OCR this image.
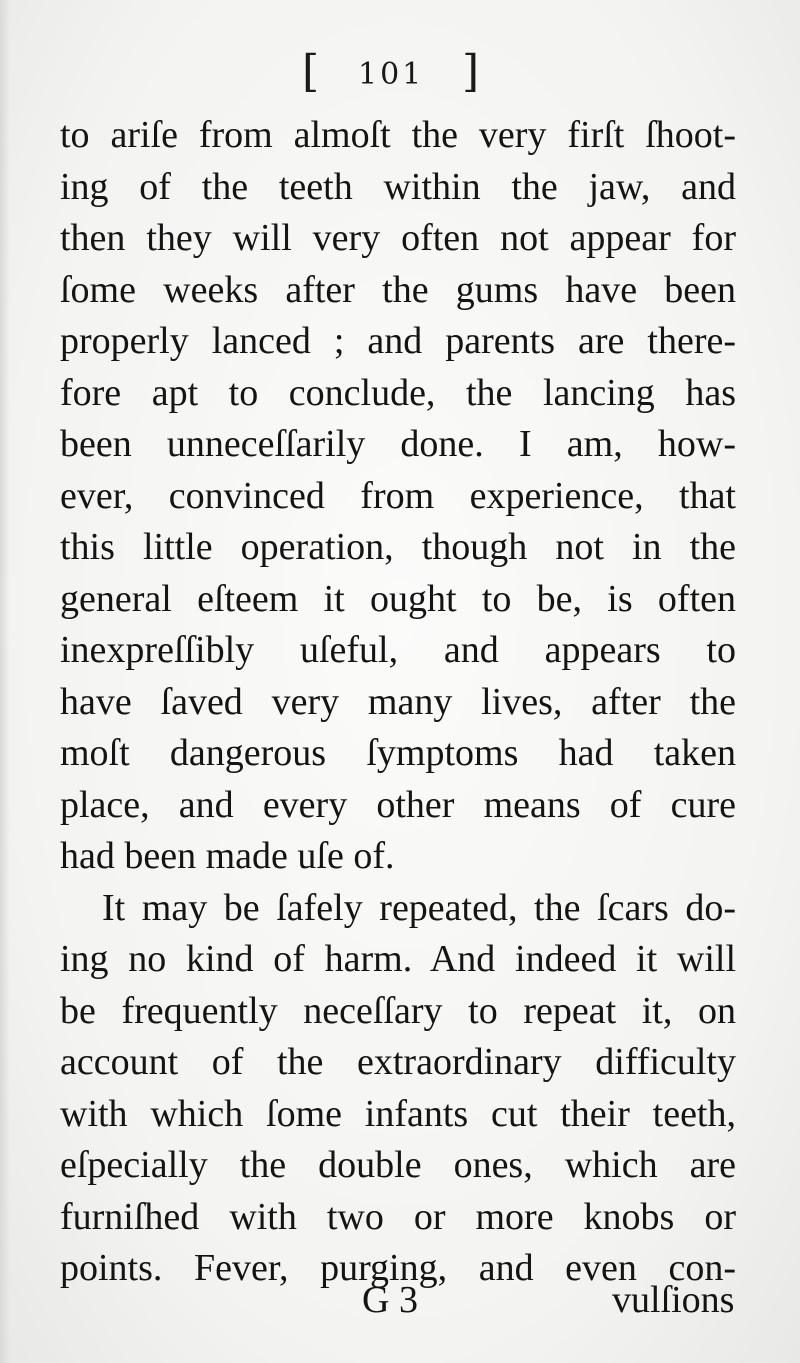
[ 101 ]
to ariſe from almoſt the very firſt ſhoot-
ing of the teeth within the jaw, and
then they will very often not appear for
ſome weeks after the gums have been
properly lanced ; and parents are there-
fore apt to conclude, the lancing has
been unneceſſarily done. I am, how-
ever, convinced from experience, that
this little operation, though not in the
general eſteem it ought to be, is often
inexpreſſibly uſeful, and appears to
have ſaved very many lives, after the
moſt dangerous ſymptoms had taken
place, and every other means of cure
had been made uſe of.
It may be ſafely repeated, the ſcars do-
ing no kind of harm. And indeed it will
be frequently neceſſary to repeat it, on
account of the extraordinary difficulty
with which ſome infants cut their teeth,
eſpecially the double ones, which are
furniſhed with two or more knobs or
points. Fever, purging, and even con-
G 3	vulſions
